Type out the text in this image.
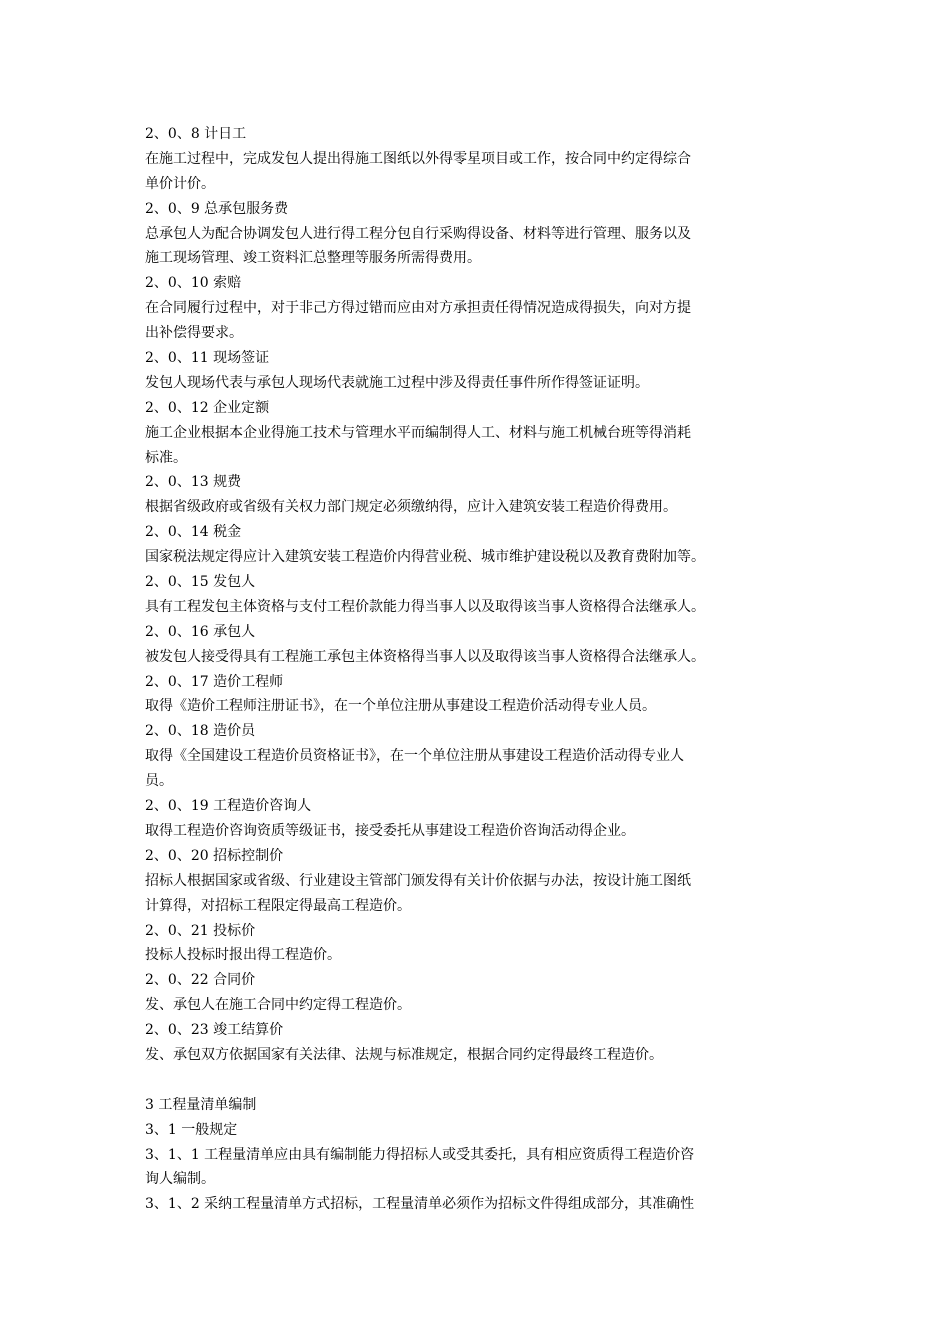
2、0、8 计日工

在施工过程中，完成发包人提出得施工图纸以外得零星项目或工作，按合同中约定得综合

单价计价。

2、0、9 总承包服务费

总承包人为配合协调发包人进行得工程分包自行采购得设备、材料等进行管理、服务以及

施工现场管理、竣工资料汇总整理等服务所需得费用。

2、0、10 索赔

在合同履行过程中，对于非己方得过错而应由对方承担责任得情况造成得损失，向对方提

出补偿得要求。

2、0、11 现场签证

发包人现场代表与承包人现场代表就施工过程中涉及得责任事件所作得签证证明。

2、0、12 企业定额

施工企业根据本企业得施工技术与管理水平而编制得人工、材料与施工机械台班等得消耗

标准。

2、0、13 规费

根据省级政府或省级有关权力部门规定必须缴纳得，应计入建筑安装工程造价得费用。

2、0、14 税金

国家税法规定得应计入建筑安装工程造价内得营业税、城市维护建设税以及教育费附加等。

2、0、15 发包人

具有工程发包主体资格与支付工程价款能力得当事人以及取得该当事人资格得合法继承人。

2、0、16 承包人

被发包人接受得具有工程施工承包主体资格得当事人以及取得该当事人资格得合法继承人。

2、0、17 造价工程师

取得《造价工程师注册证书》，在一个单位注册从事建设工程造价活动得专业人员。

2、0、18 造价员

取得《全国建设工程造价员资格证书》，在一个单位注册从事建设工程造价活动得专业人

员。

2、0、19 工程造价咨询人

取得工程造价咨询资质等级证书，接受委托从事建设工程造价咨询活动得企业。

2、0、20 招标控制价

招标人根据国家或省级、行业建设主管部门颁发得有关计价依据与办法，按设计施工图纸

计算得，对招标工程限定得最高工程造价。

2、0、21 投标价

投标人投标时报出得工程造价。

2、0、22 合同价

发、承包人在施工合同中约定得工程造价。

2、0、23 竣工结算价

发、承包双方依据国家有关法律、法规与标准规定，根据合同约定得最终工程造价。

3 工程量清单编制

3、1 一般规定

3、1、1 工程量清单应由具有编制能力得招标人或受其委托，具有相应资质得工程造价咨

询人编制。

3、1、2 采纳工程量清单方式招标，工程量清单必须作为招标文件得组成部分，其准确性
